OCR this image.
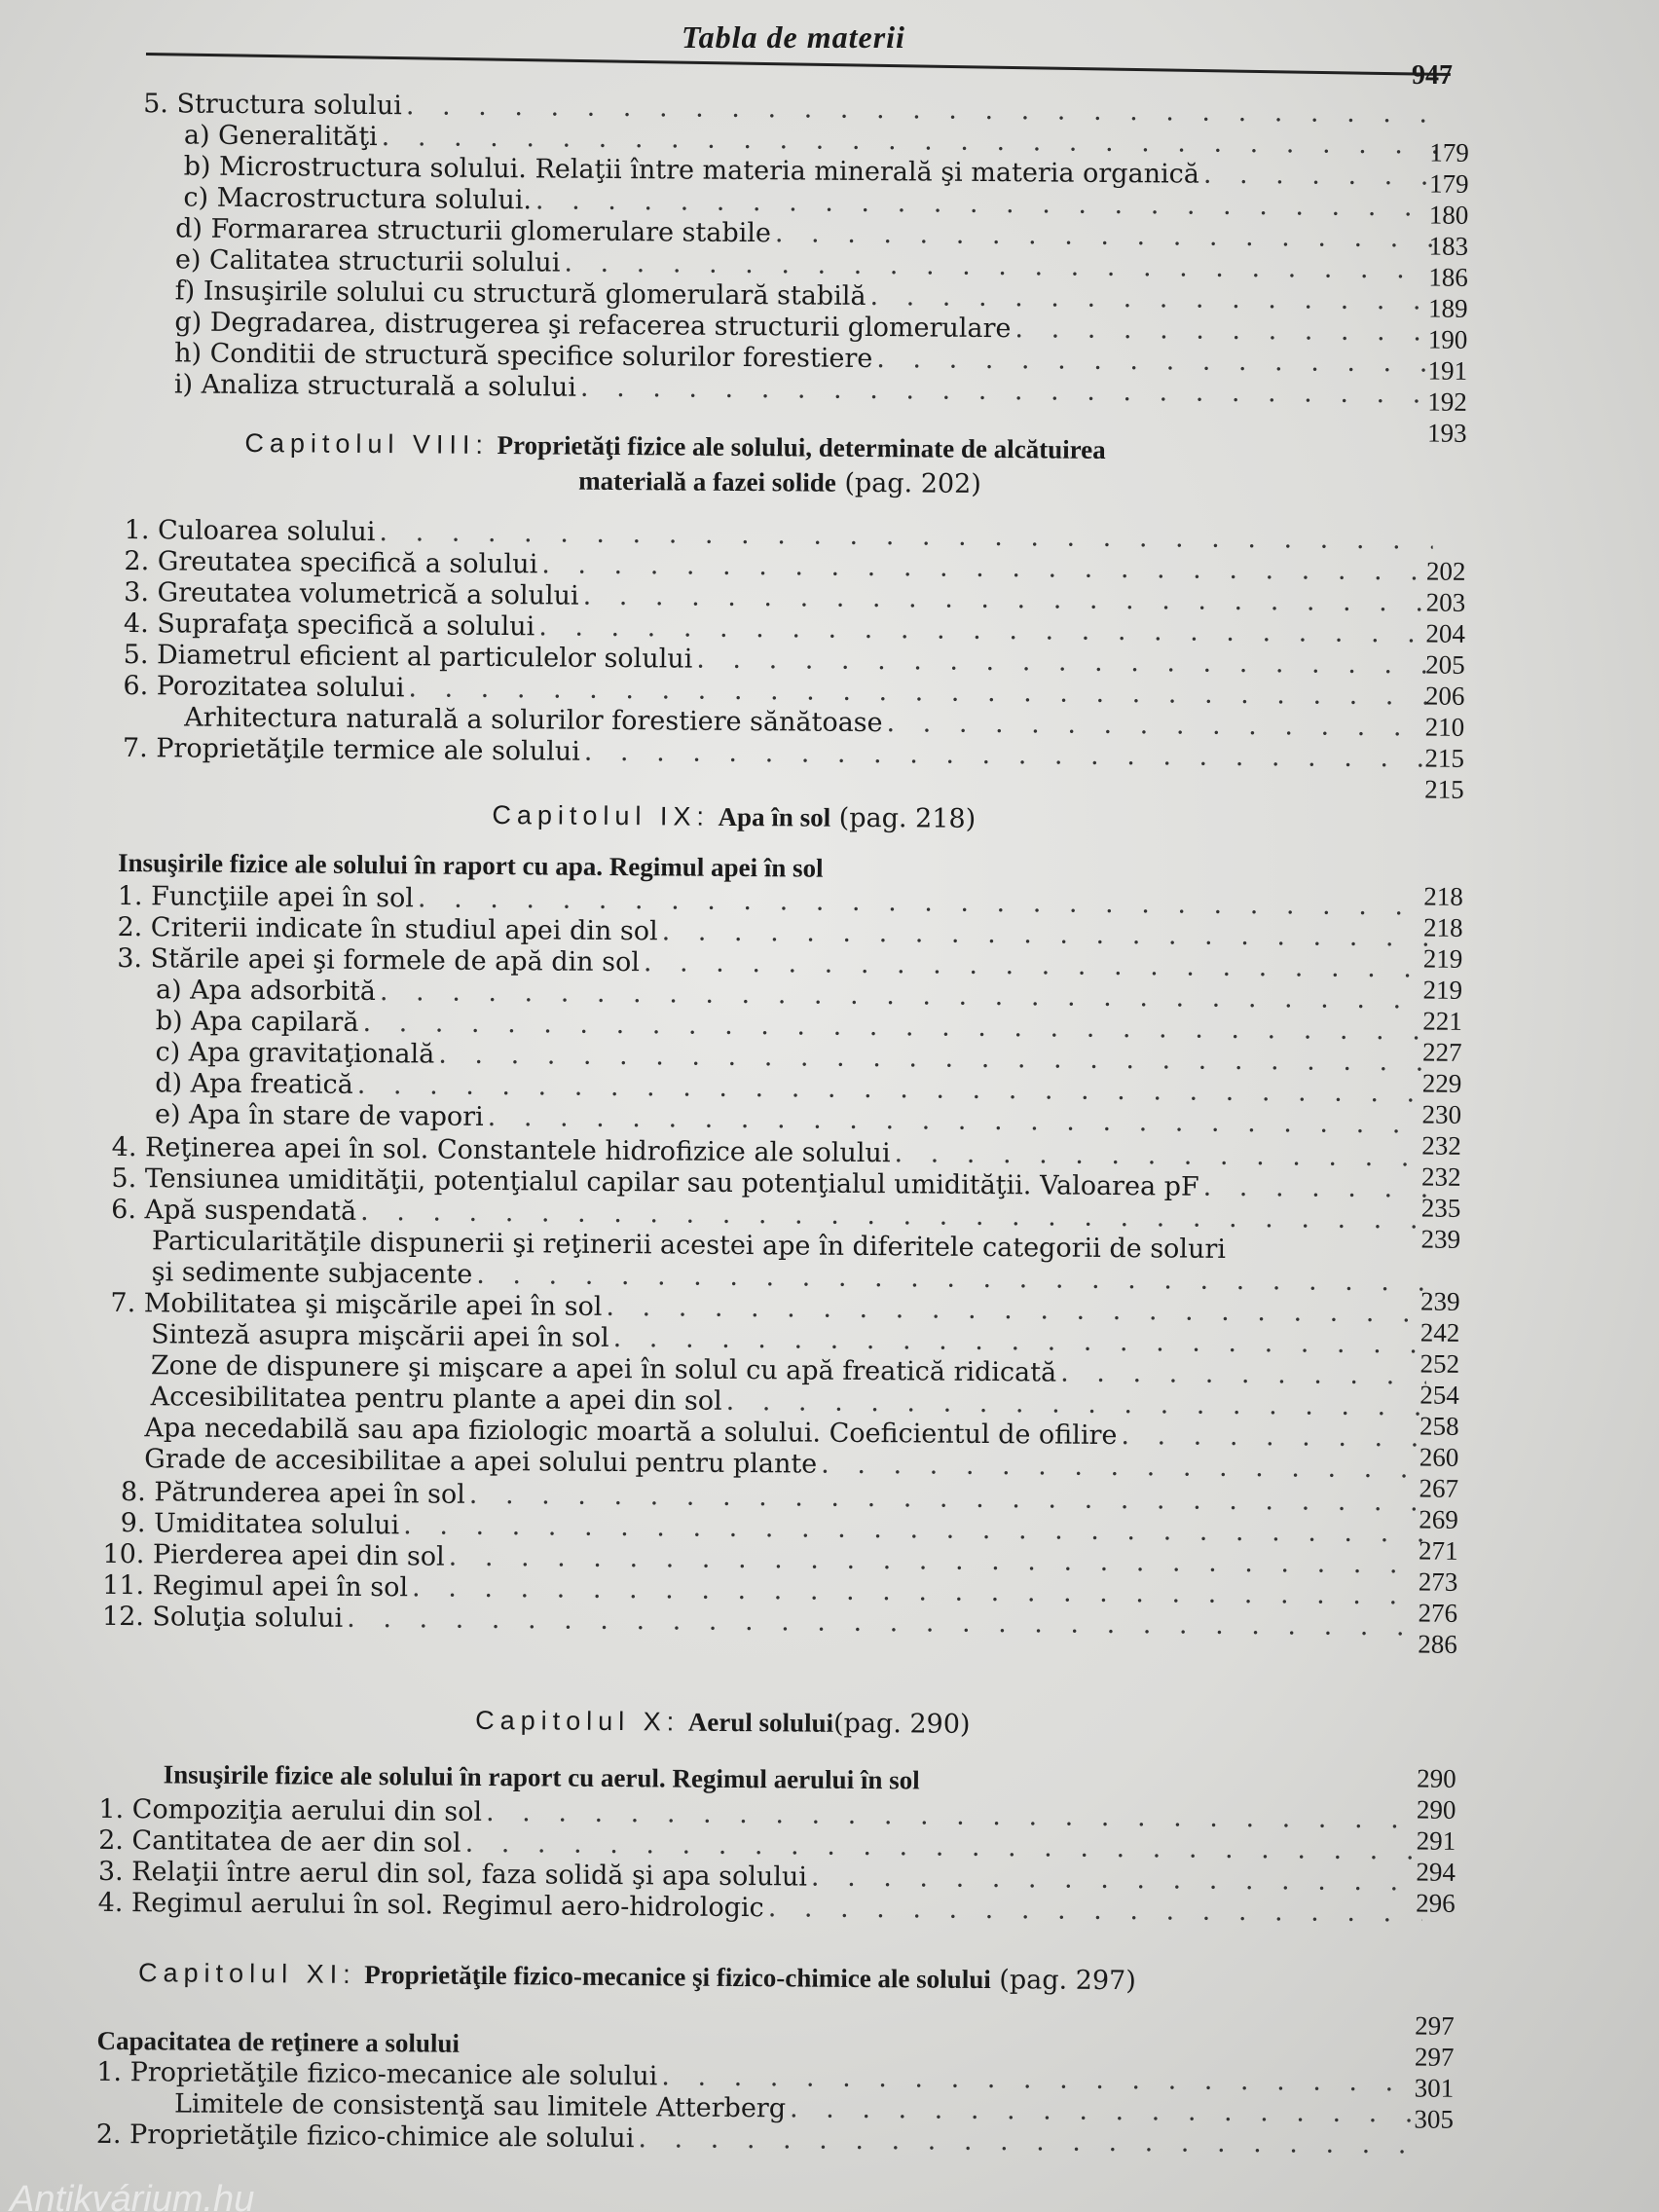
Tabla de materii
947
5. Structura solului
. . .
a) Generalităţi
. . .
b) Microstructura solului. Relaţii între materia minerală şi materia organică
. . .
c) Macrostructura solului.
. . .
d) Formararea structurii glomerulare stabile
. . .
e) Calitatea structurii solului
. . .
f) Insuşirile solului cu structură glomerulară stabilă
. . .
g) Degradarea, distrugerea şi refacerea structurii glomerulare
. . .
h) Conditii de structură specifice solurilor forestiere
. . .
i) Analiza structurală a solului
. . .
179
179
180
183
186
189
190
191
192
193
Capitolul VIII: Proprietăţi fizice ale solului, determinate de alcătuirea
materială a fazei solide (pag. 202)
1. Culoarea solului
. . .
2. Greutatea specifică a solului
. . .
3. Greutatea volumetrică a solului
. . .
4. Suprafaţa specifică a solului
. . .
5. Diametrul eficient al particulelor solului
. . .
6. Porozitatea solului
. . .
Arhitectura naturală a solurilor forestiere sănătoase
. . .
7. Proprietăţile termice ale solului
. . .
202
203
204
205
206
210
215
215
Capitolul IX: Apa în sol (pag. 218)
Insuşirile fizice ale solului în raport cu apa. Regimul apei în sol
1. Funcţiile apei în sol
. . .
2. Criterii indicate în studiul apei din sol
. . .
3. Stările apei şi formele de apă din sol
. . .
a) Apa adsorbită
. . .
b) Apa capilară
. . .
c) Apa gravitaţională
. . .
d) Apa freatică
. . .
e) Apa în stare de vapori
. . .
4. Reţinerea apei în sol. Constantele hidrofizice ale solului
. . .
5. Tensiunea umidităţii, potenţialul capilar sau potenţialul umidităţii. Valoarea pF
. . .
6. Apă suspendată
. . .
Particularităţile dispunerii şi reţinerii acestei ape în diferitele categorii de soluri
şi sedimente subjacente
. . .
7. Mobilitatea şi mişcările apei în sol
. . .
Sinteză asupra mişcării apei în sol
. . .
Zone de dispunere şi mişcare a apei în solul cu apă freatică ridicată
. . .
Accesibilitatea pentru plante a apei din sol
. . .
Apa necedabilă sau apa fiziologic moartă a solului. Coeficientul de ofilire
. . .
Grade de accesibilitae a apei solului pentru plante
. . .
8. Pătrunderea apei în sol
. . .
9. Umiditatea solului
. . .
10. Pierderea apei din sol
. . .
11. Regimul apei în sol
. . .
12. Soluţia solului
. . .
218
218
219
219
221
227
229
230
232
232
235
239
239
242
252
254
258
260
267
269
271
273
276
286
Capitolul X: Aerul solului(pag. 290)
Insuşirile fizice ale solului în raport cu aerul. Regimul aerului în sol
1. Compoziţia aerului din sol
. . .
2. Cantitatea de aer din sol
. . .
3. Relaţii între aerul din sol, faza solidă şi apa solului
. . .
4. Regimul aerului în sol. Regimul aero-hidrologic
. . .
290
290
291
294
296
Capitolul XI: Proprietăţile fizico-mecanice şi fizico-chimice ale solului (pag. 297)
Capacitatea de reţinere a solului
1. Proprietăţile fizico-mecanice ale solului
. . .
Limitele de consistenţă sau limitele Atterberg
. . .
2. Proprietăţile fizico-chimice ale solului
. . .
297
297
301
305
Antikvárium.hu
